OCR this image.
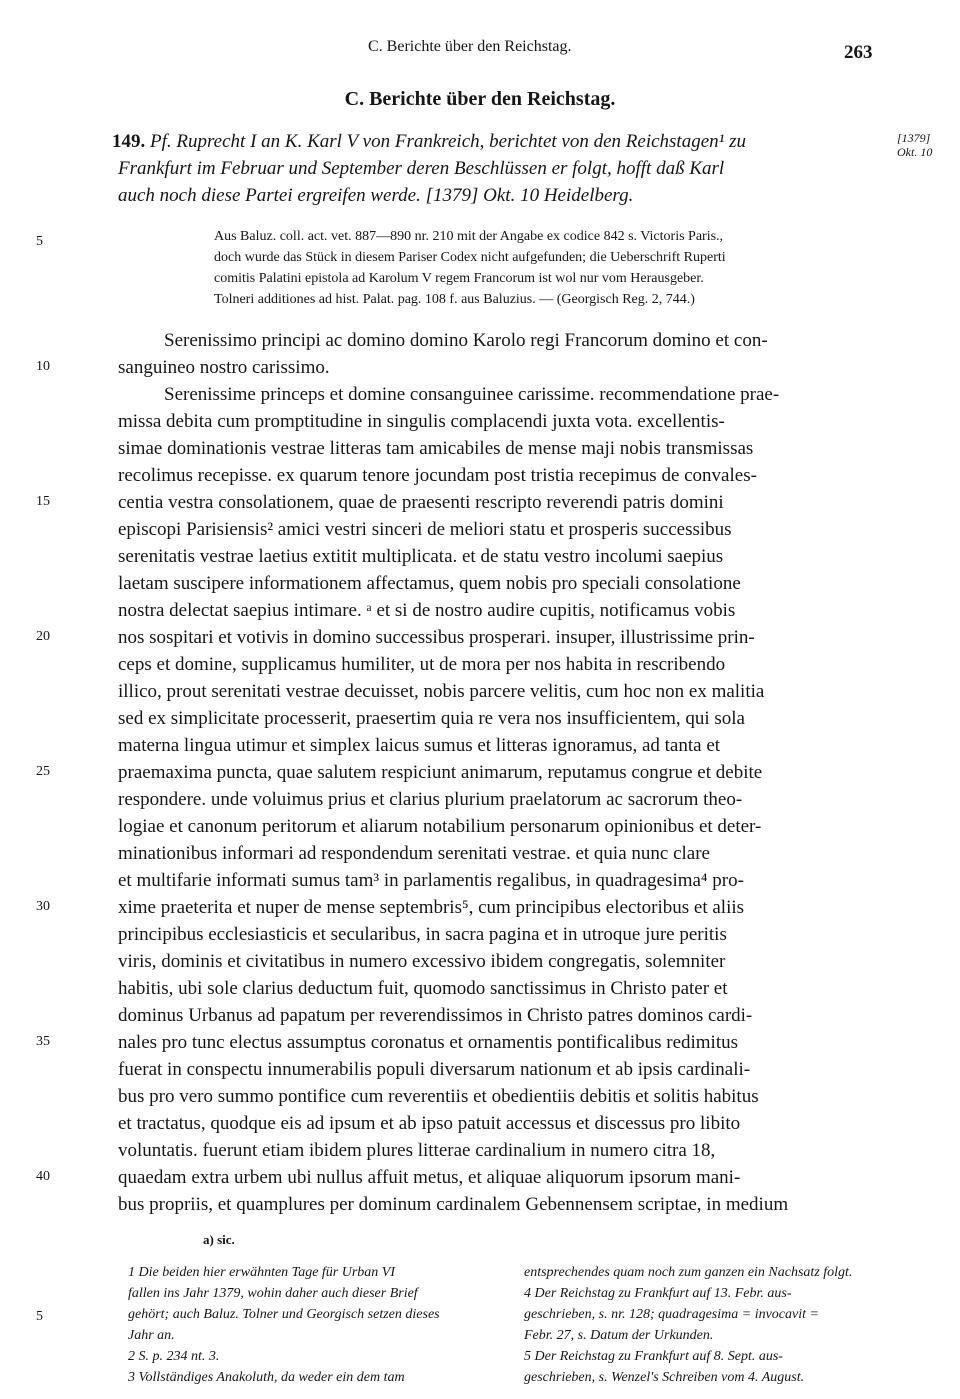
C. Berichte über den Reichstag.	263
C. Berichte über den Reichstag.
149. Pf. Ruprecht I an K. Karl V von Frankreich, berichtet von den Reichstagen¹ zu
Frankfurt im Februar und September deren Beschlüssen er folgt, hofft daß Karl
auch noch diese Partei ergreifen werde. [1379] Okt. 10 Heidelberg.
[1379]
Okt. 10
5	Aus Baluz. coll. act. vet. 887—890 nr. 210 mit der Angabe ex codice 842 s. Victoris Paris.,
doch wurde das Stück in diesem Pariser Codex nicht aufgefunden; die Ueberschrift Ruperti
comitis Palatini epistola ad Karolum V regem Francorum ist wol nur vom Herausgeber.
Tolneri additiones ad hist. Palat. pag. 108 f. aus Baluzius. — (Georgisch Reg. 2, 744.)
Serenissimo principi ac domino domino Karolo regi Francorum domino et con-
sanguineo nostro carissimo.
Serenissime princeps et domine consanguinee carissime. recommendatione prae-
missa debita cum promptitudine in singulis complacendi juxta vota. excellentis-
simae dominationis vestrae litteras tam amicabiles de mense maji nobis transmissas
recolimus recepisse. ex quarum tenore jocundam post tristia recepimus de convales-
centia vestra consolationem, quae de praesenti rescripto reverendi patris domini
episcopi Parisiensis² amici vestri sinceri de meliori statu et prosperis successibus
serenitatis vestrae laetius extitit multiplicata. et de statu vestro incolumi saepius
laetam suscipere informationem affectamus, quem nobis pro speciali consolatione
nostra delectat saepius intimare. ᵃ et si de nostro audire cupitis, notificamus vobis
nos sospitari et votivis in domino successibus prosperari. insuper, illustrissime prin-
ceps et domine, supplicamus humiliter, ut de mora per nos habita in rescribendo
illico, prout serenitati vestrae decuisset, nobis parcere velitis, cum hoc non ex malitia
sed ex simplicitate processerit, praesertim quia re vera nos insufficientem, qui sola
materna lingua utimur et simplex laicus sumus et litteras ignoramus, ad tanta et
praemaxima puncta, quae salutem respiciunt animarum, reputamus congrue et debite
respondere. unde voluimus prius et clarius plurium praelatorum ac sacrorum theo-
logiae et canonum peritorum et aliarum notabilium personarum opinionibus et deter-
minationibus informari ad respondendum serenitati vestrae. et quia nunc clare
et multifarie informati sumus tam³ in parlamentis regalibus, in quadragesima⁴ pro-
xime praeterita et nuper de mense septembris⁵, cum principibus electoribus et aliis
principibus ecclesiasticis et secularibus, in sacra pagina et in utroque jure peritis
viris, dominis et civitatibus in numero excessivo ibidem congregatis, solemniter
habitis, ubi sole clarius deductum fuit, quomodo sanctissimus in Christo pater et
dominus Urbanus ad papatum per reverendissimos in Christo patres dominos cardi-
nales pro tunc electus assumptus coronatus et ornamentis pontificalibus redimitus
fuerat in conspectu innumerabilis populi diversarum nationum et ab ipsis cardinali-
bus pro vero summo pontifice cum reverentiis et obedientiis debitis et solitis habitus
et tractatus, quodque eis ad ipsum et ab ipso patuit accessus et discessus pro libito
voluntatis. fuerunt etiam ibidem plures litterae cardinalium in numero citra 18,
quaedam extra urbem ubi nullus affuit metus, et aliquae aliquorum ipsorum mani-
bus propriis, et quamplures per dominum cardinalem Gebennensem scriptae, in medium
10
15
20
25
30
35
40
a) sic.
1 Die beiden hier erwähnten Tage für Urban VI
fallen ins Jahr 1379, wohin daher auch dieser Brief
gehört; auch Baluz. Tolner und Georgisch setzen dieses
Jahr an.
2 S. p. 234 nt. 3.
3 Vollständiges Anakoluth, da weder ein dem tam
5
entsprechendes quam noch zum ganzen ein Nachsatz folgt.
4 Der Reichstag zu Frankfurt auf 13. Febr. aus-
geschrieben, s. nr. 128; quadragesima = invocavit =
Febr. 27, s. Datum der Urkunden.
5 Der Reichstag zu Frankfurt auf 8. Sept. aus-
geschrieben, s. Wenzel's Schreiben vom 4. August.
